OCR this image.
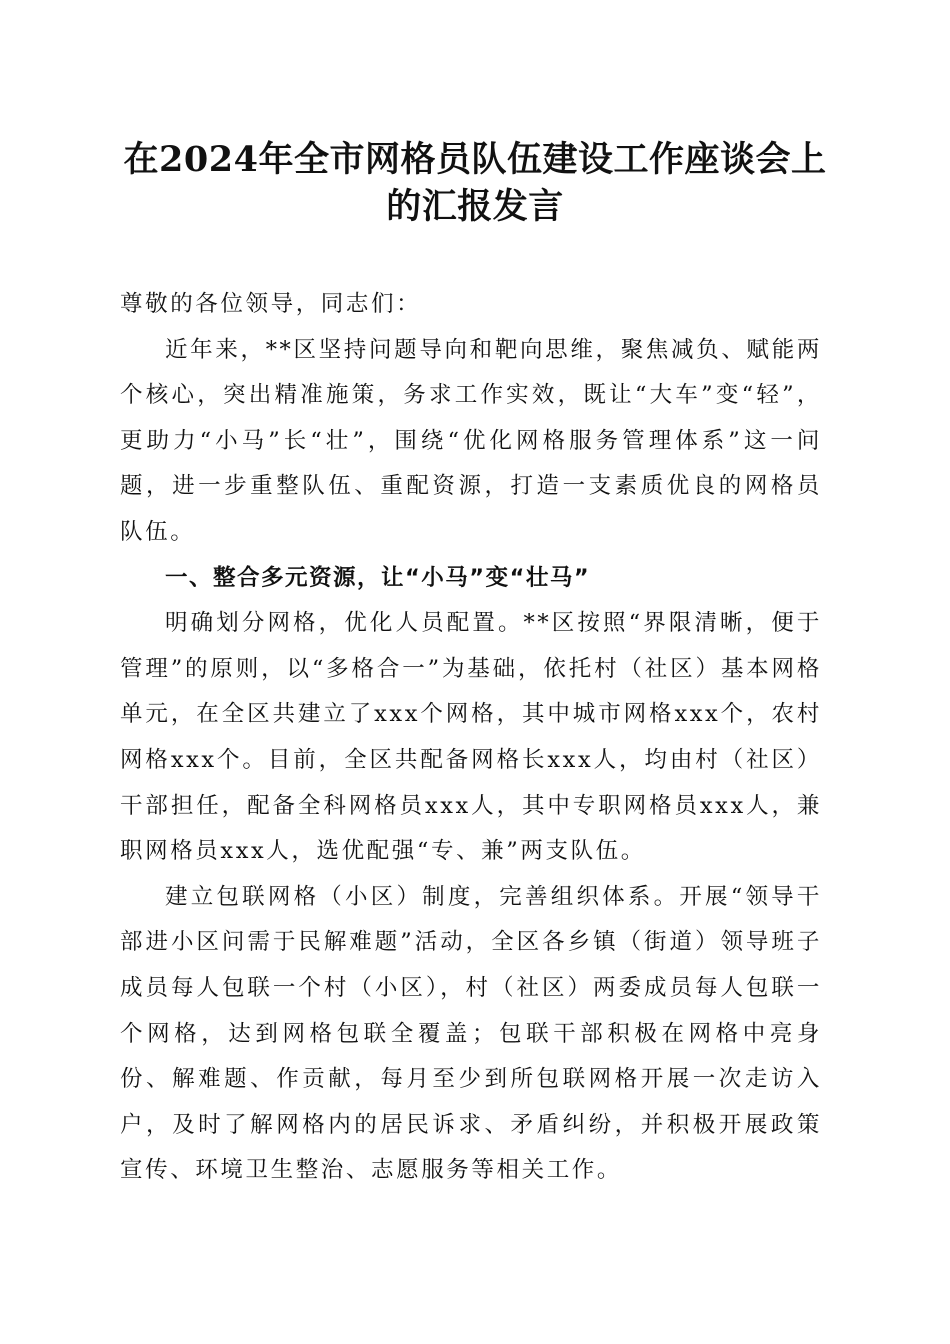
在2024年全市网格员队伍建设工作座谈会上的汇报发言

尊敬的各位领导，同志们：

近年来，**区坚持问题导向和靶向思维，聚焦减负、赋能两个核心，突出精准施策，务求工作实效，既让“大车”变“轻”，更助力“小马”长“壮”，围绕“优化网格服务管理体系”这一问题，进一步重整队伍、重配资源，打造一支素质优良的网格员队伍。

一、整合多元资源，让“小马”变“壮马”

明确划分网格，优化人员配置。**区按照“界限清晰，便于管理”的原则，以“多格合一”为基础，依托村（社区）基本网格单元，在全区共建立了xxx个网格，其中城市网格xxx个，农村网格xxx个。目前，全区共配备网格长xxx人，均由村（社区）干部担任，配备全科网格员xxx人，其中专职网格员xxx人，兼职网格员xxx人，选优配强“专、兼”两支队伍。

建立包联网格（小区）制度，完善组织体系。开展“领导干部进小区问需于民解难题”活动，全区各乡镇（街道）领导班子成员每人包联一个村（小区），村（社区）两委成员每人包联一个网格，达到网格包联全覆盖；包联干部积极在网格中亮身份、解难题、作贡献，每月至少到所包联网格开展一次走访入户，及时了解网格内的居民诉求、矛盾纠纷，并积极开展政策宣传、环境卫生整治、志愿服务等相关工作。
